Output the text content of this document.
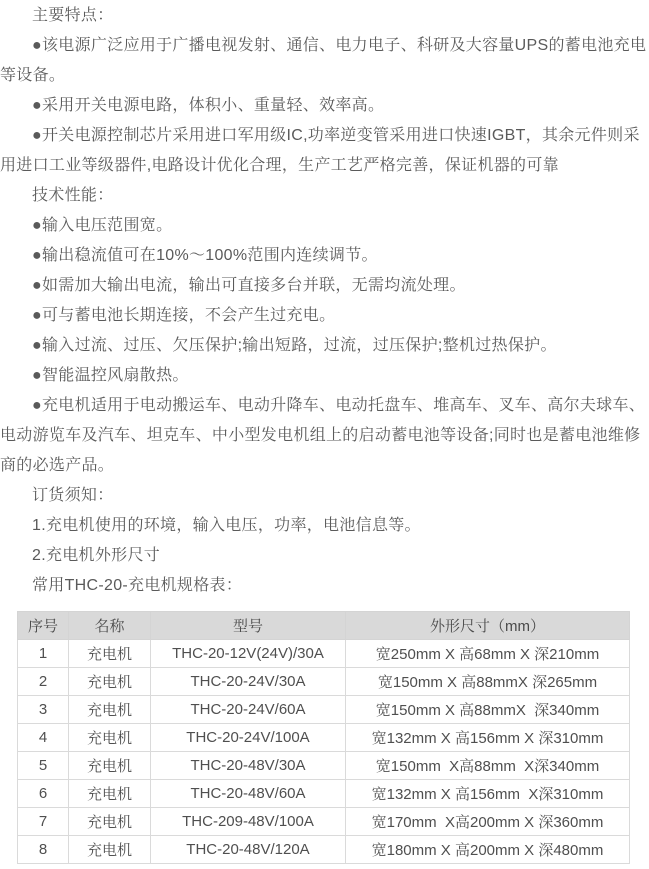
主要特点：

●该电源广泛应用于广播电视发射、通信、电力电子、科研及大容量UPS的蓄电池充电等设备。

●采用开关电源电路，体积小、重量轻、效率高。

●开关电源控制芯片采用进口军用级IC,功率逆变管采用进口快速IGBT，其余元件则采用进口工业等级器件,电路设计优化合理，生产工艺严格完善，保证机器的可靠

技术性能：

●输入电压范围宽。

●输出稳流值可在10%～100%范围内连续调节。

●如需加大输出电流，输出可直接多台并联，无需均流处理。

●可与蓄电池长期连接，不会产生过充电。

●输入过流、过压、欠压保护;输出短路，过流，过压保护;整机过热保护。

●智能温控风扇散热。

●充电机适用于电动搬运车、电动升降车、电动托盘车、堆高车、叉车、高尔夫球车、电动游览车及汽车、坦克车、中小型发电机组上的启动蓄电池等设备;同时也是蓄电池维修商的必选产品。

订货须知：

1.充电机使用的环境，输入电压，功率，电池信息等。

2.充电机外形尺寸

常用THC-20-充电机规格表：

序号	名称	型号	外形尺寸（mm）
1	充电机	THC-20-12V(24V)/30A	宽250mm X 高68mm X 深210mm
2	充电机	THC-20-24V/30A	宽150mm X 高88mmX 深265mm
3	充电机	THC-20-24V/60A	宽150mm X 高88mmX  深340mm
4	充电机	THC-20-24V/100A	宽132mm X 高156mm X 深310mm
5	充电机	THC-20-48V/30A	宽150mm  X高88mm  X深340mm
6	充电机	THC-20-48V/60A	宽132mm X 高156mm  X深310mm
7	充电机	THC-209-48V/100A	宽170mm  X高200mm X 深360mm
8	充电机	THC-20-48V/120A	宽180mm X 高200mm X 深480mm
